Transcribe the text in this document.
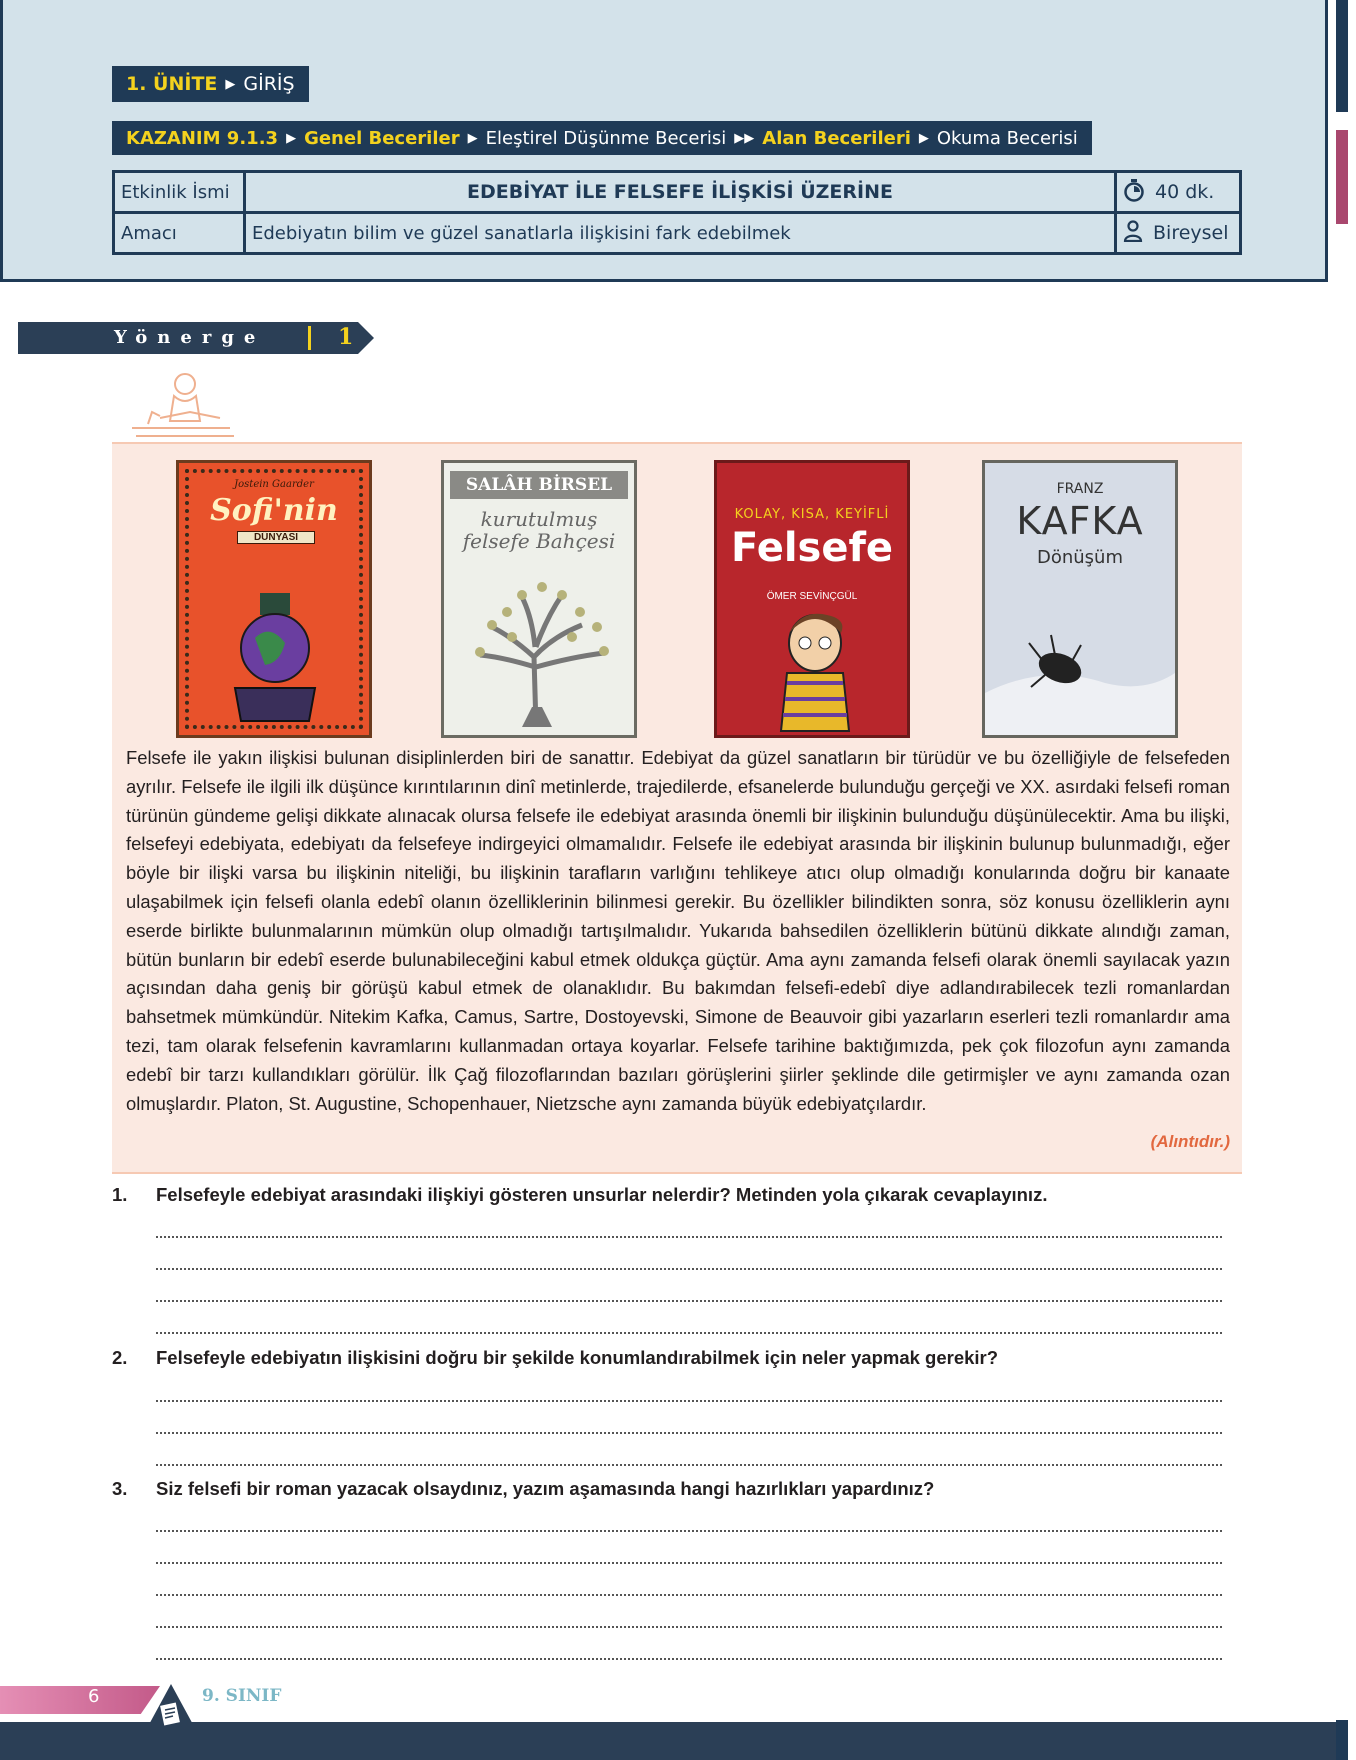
1. ÜNİTE ▶ GİRİŞ
KAZANIM 9.1.3 ▶ Genel Beceriler ▶ Eleştirel Düşünme Becerisi ▶▶ Alan Becerileri ▶ Okuma Becerisi
Etkinlik İsmi	EDEBİYAT İLE FELSEFE İLİŞKİSİ ÜZERİNE	40 dk.
Amacı	Edebiyatın bilim ve güzel sanatlarla ilişkisini fark edebilmek	Bireysel
Yönerge	1
Jostein Gaarder
Sofi'nin
DÜNYASI
SALÂH BİRSEL
kurutulmuş
felsefe Bahçesi
KOLAY, KISA, KEYİFLİ
Felsefe
ÖMER SEVİNÇGÜL
FRANZ
KAFKA
Dönüşüm
Felsefe ile yakın ilişkisi bulunan disiplinlerden biri de sanattır. Edebiyat da güzel sanatların bir türüdür ve bu özelliğiyle de felsefeden ayrılır. Felsefe ile ilgili ilk düşünce kırıntılarının dinî metinlerde, trajedilerde, efsanelerde bulunduğu gerçeği ve XX. asırdaki felsefi roman türünün gündeme gelişi dikkate alınacak olursa felsefe ile edebiyat arasında önemli bir ilişkinin bulunduğu düşünülecektir. Ama bu ilişki, felsefeyi edebiyata, edebiyatı da felsefeye indirgeyici olmamalıdır. Felsefe ile edebiyat arasında bir ilişkinin bulunup bulunmadığı, eğer böyle bir ilişki varsa bu ilişkinin niteliği, bu ilişkinin tarafların varlığını tehlikeye atıcı olup olmadığı konularında doğru bir kanaate ulaşabilmek için felsefi olanla edebî olanın özelliklerinin bilinmesi gerekir. Bu özellikler bilindikten sonra, söz konusu özelliklerin aynı eserde birlikte bulunmalarının mümkün olup olmadığı tartışılmalıdır. Yukarıda bahsedilen özelliklerin bütünü dikkate alındığı zaman, bütün bunların bir edebî eserde bulunabileceğini kabul etmek oldukça güçtür. Ama aynı zamanda felsefi olarak önemli sayılacak yazın açısından daha geniş bir görüşü kabul etmek de olanaklıdır. Bu bakımdan felsefi-edebî diye adlandırabilecek tezli romanlardan bahsetmek mümkündür. Nitekim Kafka, Camus, Sartre, Dostoyevski, Simone de Beauvoir gibi yazarların eserleri tezli romanlardır ama tezi, tam olarak felsefenin kavramlarını kullanmadan ortaya koyarlar. Felsefe tarihine baktığımızda, pek çok filozofun aynı zamanda edebî bir tarzı kullandıkları görülür. İlk Çağ filozoflarından bazıları görüşlerini şiirler şeklinde dile getirmişler ve aynı zamanda ozan olmuşlardır. Platon, St. Augustine, Schopenhauer, Nietzsche aynı zamanda büyük edebiyatçılardır.
(Alıntıdır.)
1. Felsefeyle edebiyat arasındaki ilişkiyi gösteren unsurlar nelerdir? Metinden yola çıkarak cevaplayınız.
2. Felsefeyle edebiyatın ilişkisini doğru bir şekilde konumlandırabilmek için neler yapmak gerekir?
3. Siz felsefi bir roman yazacak olsaydınız, yazım aşamasında hangi hazırlıkları yapardınız?
6	9. SINIF
